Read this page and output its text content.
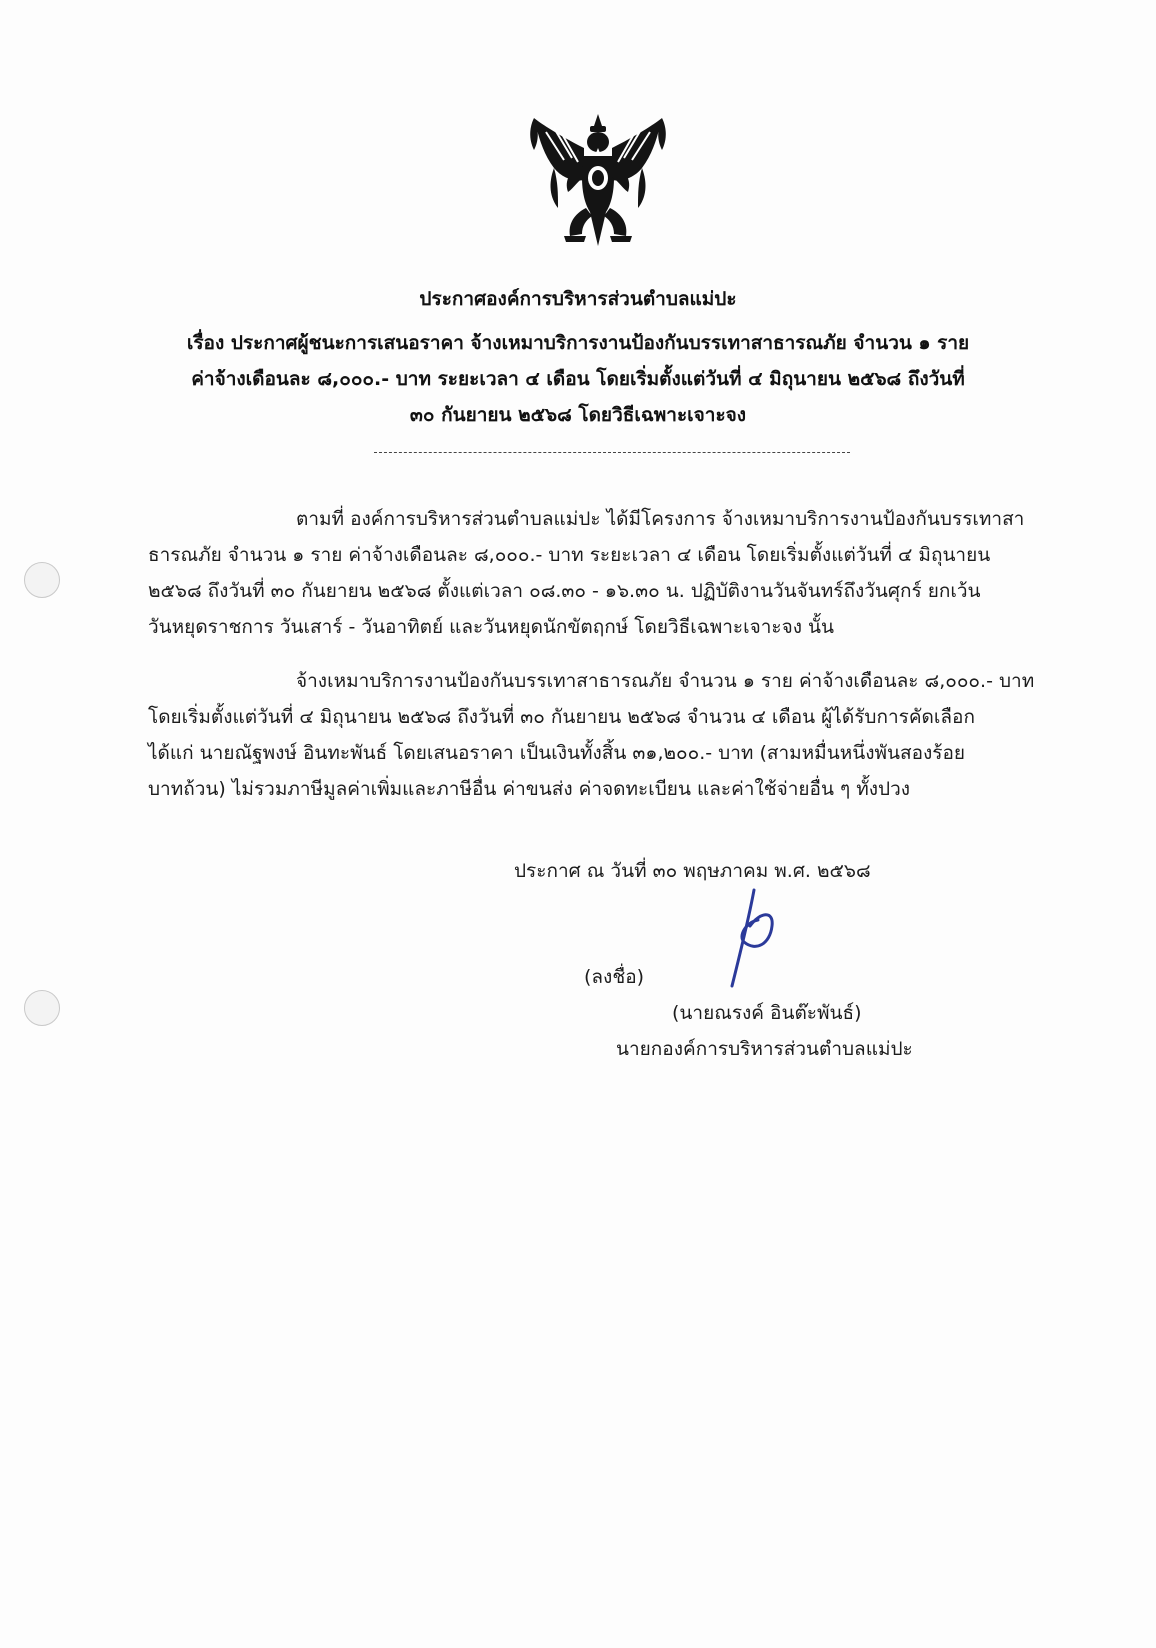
ประกาศองค์การบริหารส่วนตำบลแม่ปะ
เรื่อง ประกาศผู้ชนะการเสนอราคา จ้างเหมาบริการงานป้องกันบรรเทาสาธารณภัย จำนวน ๑ ราย
ค่าจ้างเดือนละ ๘,๐๐๐.- บาท ระยะเวลา ๔ เดือน โดยเริ่มตั้งแต่วันที่ ๔ มิถุนายน ๒๕๖๘ ถึงวันที่
๓๐ กันยายน ๒๕๖๘ โดยวิธีเฉพาะเจาะจง
ตามที่ องค์การบริหารส่วนตำบลแม่ปะ ได้มีโครงการ จ้างเหมาบริการงานป้องกันบรรเทาสา
ธารณภัย จำนวน ๑ ราย ค่าจ้างเดือนละ ๘,๐๐๐.- บาท ระยะเวลา ๔ เดือน โดยเริ่มตั้งแต่วันที่ ๔ มิถุนายน
๒๕๖๘ ถึงวันที่ ๓๐ กันยายน ๒๕๖๘ ตั้งแต่เวลา ๐๘.๓๐ - ๑๖.๓๐ น. ปฏิบัติงานวันจันทร์ถึงวันศุกร์ ยกเว้น
วันหยุดราชการ วันเสาร์ - วันอาทิตย์ และวันหยุดนักขัตฤกษ์ โดยวิธีเฉพาะเจาะจง นั้น
จ้างเหมาบริการงานป้องกันบรรเทาสาธารณภัย จำนวน ๑ ราย ค่าจ้างเดือนละ ๘,๐๐๐.- บาท
โดยเริ่มตั้งแต่วันที่ ๔ มิถุนายน ๒๕๖๘ ถึงวันที่ ๓๐ กันยายน ๒๕๖๘ จำนวน ๔ เดือน ผู้ได้รับการคัดเลือก
ได้แก่ นายณัฐพงษ์ อินทะพันธ์ โดยเสนอราคา เป็นเงินทั้งสิ้น ๓๑,๒๐๐.- บาท (สามหมื่นหนึ่งพันสองร้อย
บาทถ้วน) ไม่รวมภาษีมูลค่าเพิ่มและภาษีอื่น ค่าขนส่ง ค่าจดทะเบียน และค่าใช้จ่ายอื่น ๆ ทั้งปวง
ประกาศ ณ วันที่ ๓๐ พฤษภาคม พ.ศ. ๒๕๖๘
(ลงชื่อ)
(นายณรงค์ อินต๊ะพันธ์)
นายกองค์การบริหารส่วนตำบลแม่ปะ
